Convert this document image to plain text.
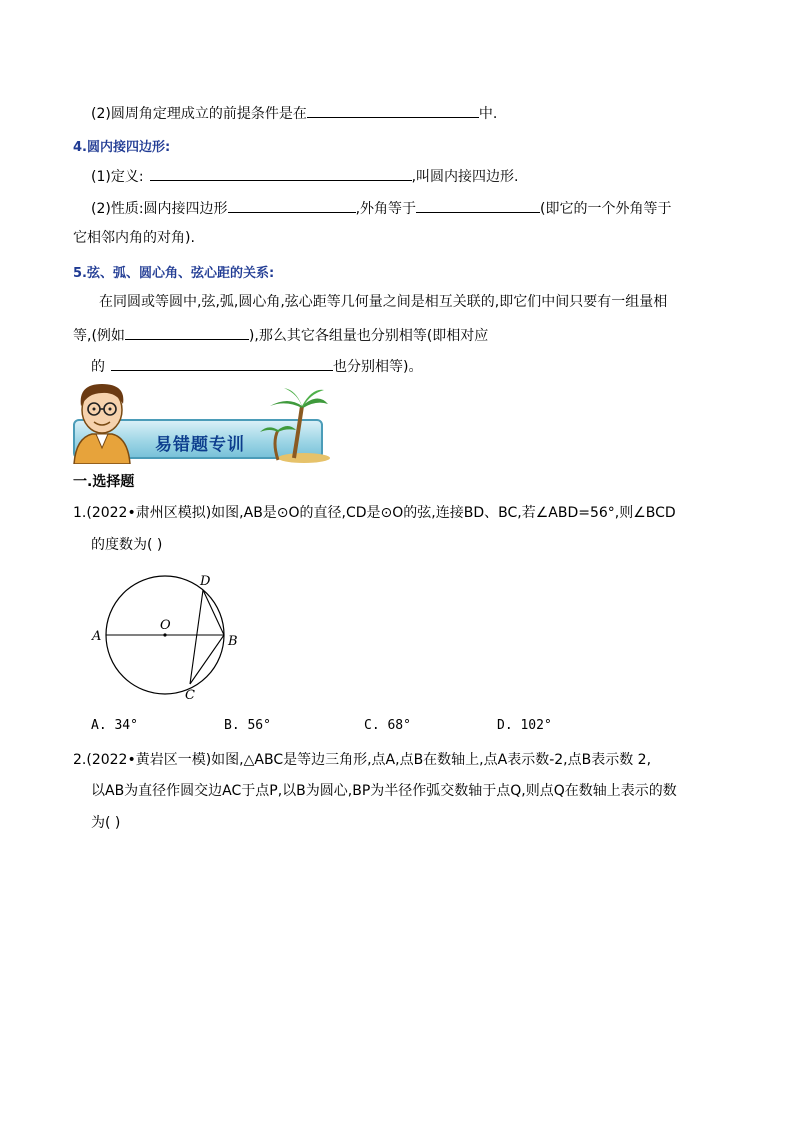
(2)圆周角定理成立的前提条件是在	中.
4.圆内接四边形:
(1)定义:	,叫圆内接四边形.
(2)性质:圆内接四边形	,外角等于	(即它的一个外角等于
它相邻内角的对角).
5.弦、弧、圆心角、弦心距的关系:
在同圆或等圆中,弦,弧,圆心角,弦心距等几何量之间是相互关联的,即它们中间只要有一组量相
等,(例如	),那么其它各组量也分别相等(即相对应
的	也分别相等)。
易错题专训
一.选择题
1.(2022•肃州区模拟)如图,AB是⊙O的直径,CD是⊙O的弦,连接BD、BC,若∠ABD=56°,则∠BCD
的度数为( )
A	B
C
D
O
A. 34°	B. 56°	C. 68°	D. 102°
2.(2022•黄岩区一模)如图,△ABC是等边三角形,点A,点B在数轴上,点A表示数-2,点B表示数 2,
以AB为直径作圆交边AC于点P,以B为圆心,BP为半径作弧交数轴于点Q,则点Q在数轴上表示的数
为( )
